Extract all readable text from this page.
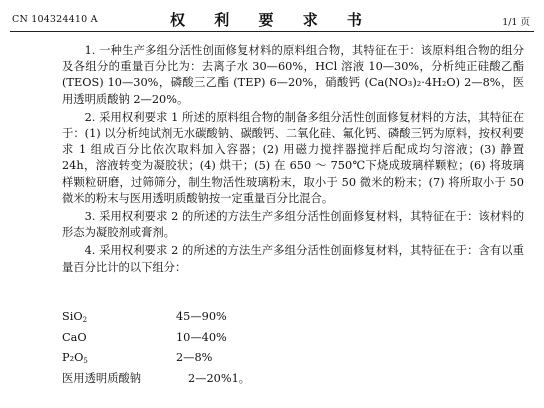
CN 104324410 A	权 利 要 求 书	1/1 页

1. 一种生产多组分活性创面修复材料的原料组合物，其特征在于：该原料组合物的组分及各组分的重量百分比为：去离子水 30—60%，HCl 溶液 10—30%，分析纯正硅酸乙酯 (TEOS) 10—30%，磷酸三乙酯 (TEP) 6—20%，硝酸钙 (Ca(NO₃)₂·4H₂O) 2—8%，医用透明质酸钠 2—20%。

2. 采用权利要求 1 所述的原料组合物的制备多组分活性创面修复材料的方法，其特征在于：(1) 以分析纯试剂无水碳酸钠、碳酸钙、二氧化硅、氟化钙、磷酸三钙为原料，按权利要求 1 组成百分比依次取料加入容器；(2) 用磁力搅拌器搅拌后配成均匀溶液；(3) 静置 24h，溶液转变为凝胶状；(4) 烘干；(5) 在 650 ～ 750℃下烧成玻璃样颗粒；(6) 将玻璃样颗粒研磨，过筛筛分，制生物活性玻璃粉末，取小于 50 微米的粉末；(7) 将所取小于 50 微米的粉末与医用透明质酸钠按一定重量百分比混合。

3. 采用权利要求 2 的所述的方法生产多组分活性创面修复材料，其特征在于：该材料的形态为凝胶剂或膏剂。

4. 采用权利要求 2 的所述的方法生产多组分活性创面修复材料，其特征在于：含有以重量百分比计的以下组分：

SiO$_2$	45—90%
CaO	10—40%
$P_2O_5$	2—8%
医用透明质酸钠	2—20%1。
